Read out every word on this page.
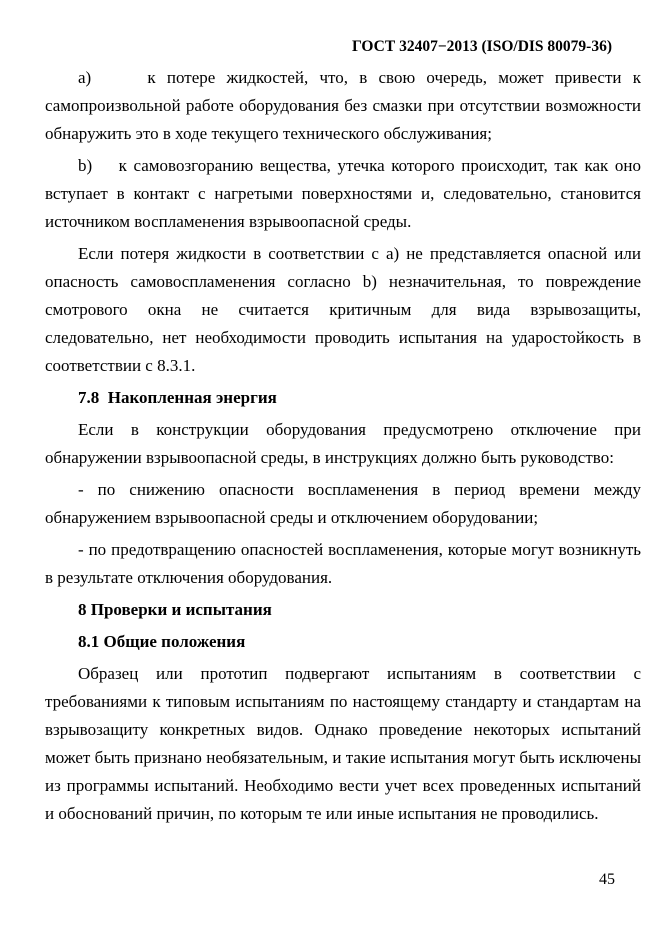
ГОСТ 32407−2013 (ISO/DIS 80079-36)

а)     к потере жидкостей, что, в свою очередь, может привести к самопроизвольной работе оборудования без смазки при отсутствии возможности обнаружить это в ходе текущего технического обслуживания;

b)    к самовозгоранию вещества, утечка которого происходит, так как оно вступает в контакт с нагретыми поверхностями и, следовательно, становится источником воспламенения взрывоопасной среды.

Если потеря жидкости в соответствии с а) не представляется опасной или опасность самовоспламенения согласно b) незначительная, то повреждение смотрового окна не считается критичным для вида взрывозащиты, следовательно, нет необходимости проводить испытания на ударостойкость в соответствии с 8.3.1.

7.8  Накопленная энергия

Если в конструкции оборудования предусмотрено отключение при обнаружении взрывоопасной среды, в инструкциях должно быть руководство:

- по снижению опасности воспламенения в период времени между обнаружением взрывоопасной среды и отключением оборудовании;

- по предотвращению опасностей воспламенения, которые могут возникнуть в результате отключения оборудования.

8 Проверки и испытания

8.1 Общие положения

Образец или прототип подвергают испытаниям в соответствии с требованиями к типовым испытаниям по настоящему стандарту и стандартам на взрывозащиту конкретных видов. Однако проведение некоторых испытаний может быть признано необязательным, и такие испытания могут быть исключены из программы испытаний. Необходимо вести учет всех проведенных испытаний и обоснований причин, по которым те или иные испытания не проводились.

45
